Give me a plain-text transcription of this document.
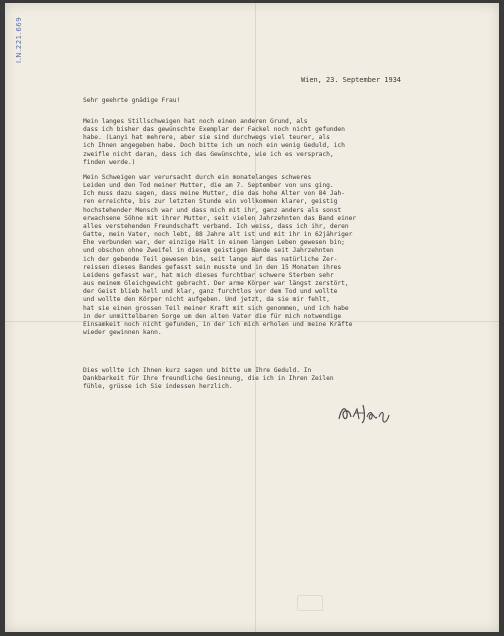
I.N.221.669
Wien, 23. September 1934
Sehr geehrte gnädige Frau!
Mein langes Stillschweigen hat noch einen anderen Grund, als
dass ich bisher das gewünschte Exemplar der Fackel noch nicht gefunden
habe. (Lanyi hat mehrere, aber sie sind durchwegs viel teurer, als
ich Ihnen angegeben habe. Doch bitte ich um noch ein wenig Geduld, ich
zweifle nicht daran, dass ich das Gewünschte, wie ich es versprach,
finden werde.)
Mein Schweigen war verursacht durch ein monatelanges schweres
Leiden und den Tod meiner Mutter, die am 7. September von uns ging.
Ich muss dazu sagen, dass meine Mutter, die das hohe Alter von 84 Jah-
ren erreichte, bis zur letzten Stunde ein vollkommen klarer, geistig
hochstehender Mensch war und dass mich mit ihr, ganz anders als sonst
erwachsene Söhne mit ihrer Mutter, seit vielen Jahrzehnten das Band einer
alles verstehenden Freundschaft verband. Ich weiss, dass ich ihr, deren
Gatte, mein Vater, noch lebt, 88 Jahre alt ist und mit ihr in 62jähriger
Ehe verbunden war, der einzige Halt in einem langen Leben gewesen bin;
und obschon ohne Zweifel in diesem geistigen Bande seit Jahrzehnten
ich der gebende Teil gewesen bin, seit lange auf das natürliche Zer-
reissen dieses Bandes gefasst sein musste und in den 15 Monaten ihres
Leidens gefasst war, hat mich dieses furchtbar schwere Sterben sehr
aus meinem Gleichgewicht gebracht. Der arme Körper war längst zerstört,
der Geist blieb hell und klar, ganz furchtlos vor dem Tod und wollte
und wollte den Körper nicht aufgeben. Und jetzt, da sie mir fehlt,
hat sie einen grossen Teil meiner Kraft mit sich genommen, und ich habe
in der unmittelbaren Sorge um den alten Vater die für mich notwendige
Einsamkeit noch nicht gefunden, in der ich mich erholen und meine Kräfte
wieder gewinnen kann.
Dies wollte ich Ihnen kurz sagen und bitte um Ihre Geduld. In
Dankbarkeit für Ihre freundliche Gesinnung, die ich in Ihren Zeilen
fühle, grüsse ich Sie indessen herzlich.
